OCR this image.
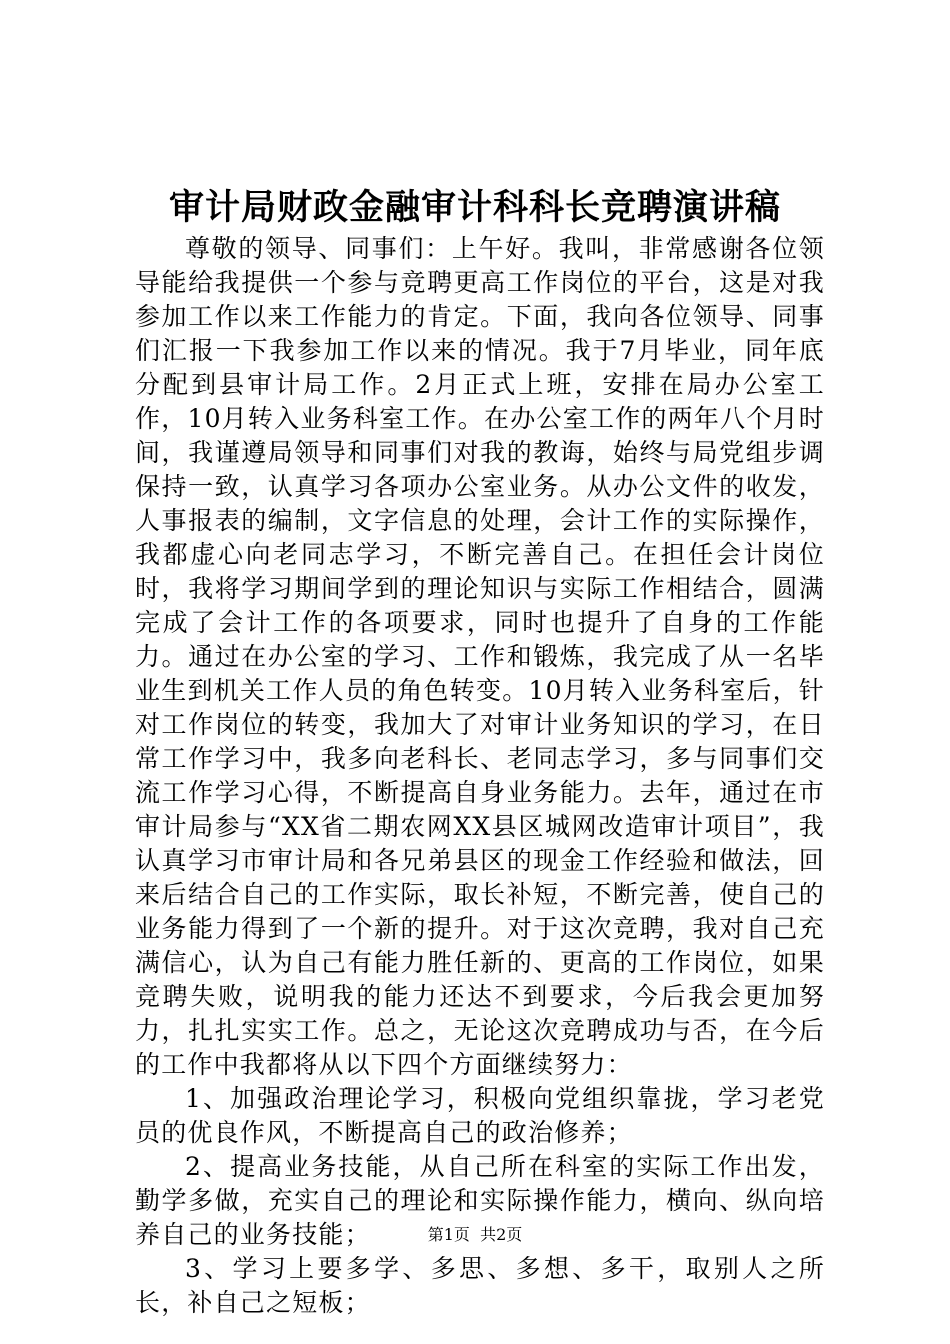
审计局财政金融审计科科长竞聘演讲稿

尊敬的领导、同事们：上午好。我叫，非常感谢各位领导能给我提供一个参与竞聘更高工作岗位的平台，这是对我参加工作以来工作能力的肯定。下面，我向各位领导、同事们汇报一下我参加工作以来的情况。我于7月毕业，同年底分配到县审计局工作。2月正式上班，安排在局办公室工作，10月转入业务科室工作。在办公室工作的两年八个月时间，我谨遵局领导和同事们对我的教诲，始终与局党组步调保持一致，认真学习各项办公室业务。从办公文件的收发，人事报表的编制，文字信息的处理，会计工作的实际操作，我都虚心向老同志学习，不断完善自己。在担任会计岗位时，我将学习期间学到的理论知识与实际工作相结合，圆满完成了会计工作的各项要求，同时也提升了自身的工作能力。通过在办公室的学习、工作和锻炼，我完成了从一名毕业生到机关工作人员的角色转变。10月转入业务科室后，针对工作岗位的转变，我加大了对审计业务知识的学习，在日常工作学习中，我多向老科长、老同志学习，多与同事们交流工作学习心得，不断提高自身业务能力。去年，通过在市审计局参与“XX省二期农网XX县区城网改造审计项目”，我认真学习市审计局和各兄弟县区的现金工作经验和做法，回来后结合自己的工作实际，取长补短，不断完善，使自己的业务能力得到了一个新的提升。对于这次竞聘，我对自己充满信心，认为自己有能力胜任新的、更高的工作岗位，如果竞聘失败，说明我的能力还达不到要求，今后我会更加努力，扎扎实实工作。总之，无论这次竞聘成功与否，在今后的工作中我都将从以下四个方面继续努力：

1、加强政治理论学习，积极向党组织靠拢，学习老党员的优良作风，不断提高自己的政治修养；

2、提高业务技能，从自己所在科室的实际工作出发，勤学多做，充实自己的理论和实际操作能力，横向、纵向培养自己的业务技能；

3、学习上要多学、多思、多想、多干，取别人之所长，补自己之短板；

第1页 共2页
